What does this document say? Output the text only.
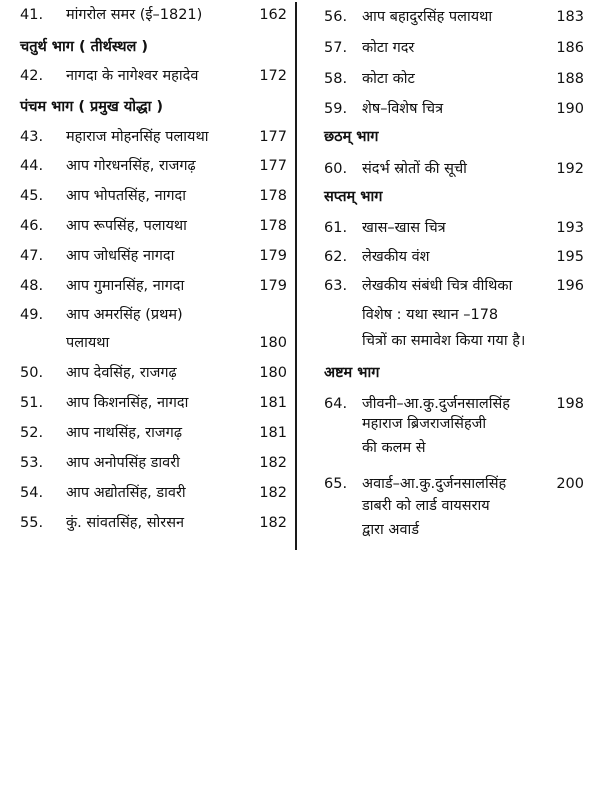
41. मांगरोल समर (ई–1821)	162
चतुर्थ भाग ( तीर्थस्थल )
42. नागदा के नागेश्वर महादेव	172
पंचम भाग ( प्रमुख योद्धा )
43. महाराज मोहनसिंह पलायथा	177
44. आप गोरधनसिंह, राजगढ़	177
45. आप भोपतसिंह, नागदा	178
46. आप रूपसिंह, पलायथा	178
47. आप जोधसिंह नागदा	179
48. आप गुमानसिंह, नागदा	179
49. आप अमरसिंह (प्रथम)
पलायथा	180
50. आप देवसिंह, राजगढ़	180
51. आप किशनसिंह, नागदा	181
52. आप नाथसिंह, राजगढ़	181
53. आप अनोपसिंह डावरी	182
54. आप अद्योतसिंह, डावरी	182
55. कुं. सांवतसिंह, सोरसन	182
56. आप बहादुरसिंह पलायथा	183
57. कोटा गदर	186
58. कोटा कोट	188
59. शेष–विशेष चित्र	190
छठम् भाग
60. संदर्भ स्रोतों की सूची	192
सप्तम् भाग
61. खास–खास चित्र	193
62. लेखकीय वंश	195
63. लेखकीय संबंधी चित्र वीथिका	196
विशेष : यथा स्थान –178
चित्रों का समावेश किया गया है।
अष्टम भाग
64. जीवनी–आ.कु.दुर्जनसालसिंह	198
महाराज ब्रिजराजसिंहजी
की कलम से
65. अवार्ड–आ.कु.दुर्जनसालसिंह	200
डाबरी को लार्ड वायसराय
द्वारा अवार्ड
